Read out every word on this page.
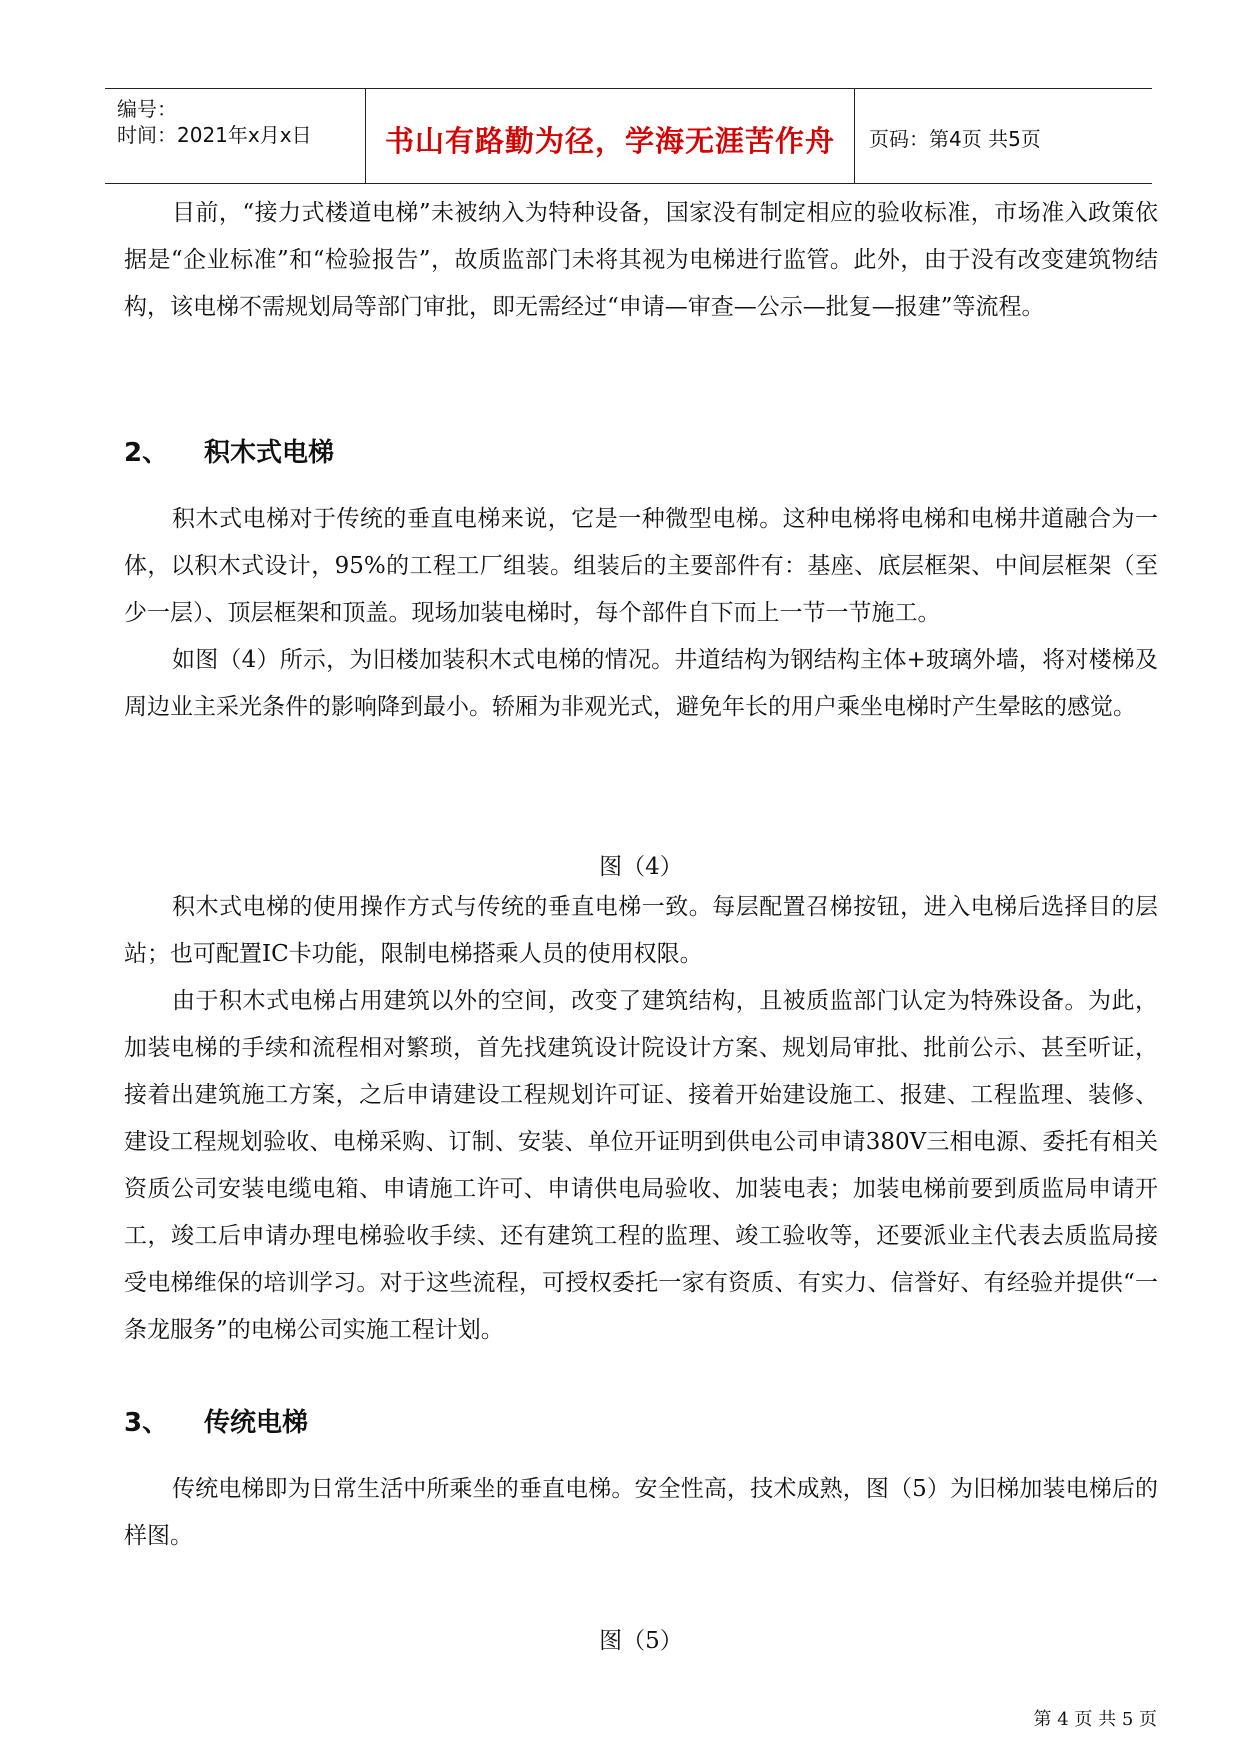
编号：
时间：2021年x月x日	书山有路勤为径，学海无涯苦作舟	页码：第4页 共5页

目前，“接力式楼道电梯”未被纳入为特种设备，国家没有制定相应的验收标准，市场准入政策依据是“企业标准”和“检验报告”，故质监部门未将其视为电梯进行监管。此外，由于没有改变建筑物结构，该电梯不需规划局等部门审批，即无需经过“申请—审查—公示—批复—报建”等流程。

2、 积木式电梯

积木式电梯对于传统的垂直电梯来说，它是一种微型电梯。这种电梯将电梯和电梯井道融合为一体，以积木式设计，95%的工程工厂组装。组装后的主要部件有：基座、底层框架、中间层框架（至少一层）、顶层框架和顶盖。现场加装电梯时，每个部件自下而上一节一节施工。

如图（4）所示，为旧楼加装积木式电梯的情况。井道结构为钢结构主体+玻璃外墙，将对楼梯及周边业主采光条件的影响降到最小。轿厢为非观光式，避免年长的用户乘坐电梯时产生晕眩的感觉。

图（4）

积木式电梯的使用操作方式与传统的垂直电梯一致。每层配置召梯按钮，进入电梯后选择目的层站；也可配置IC卡功能，限制电梯搭乘人员的使用权限。

由于积木式电梯占用建筑以外的空间，改变了建筑结构，且被质监部门认定为特殊设备。为此，加装电梯的手续和流程相对繁琐，首先找建筑设计院设计方案、规划局审批、批前公示、甚至听证，接着出建筑施工方案，之后申请建设工程规划许可证、接着开始建设施工、报建、工程监理、装修、建设工程规划验收、电梯采购、订制、安装、单位开证明到供电公司申请380V三相电源、委托有相关资质公司安装电缆电箱、申请施工许可、申请供电局验收、加装电表；加装电梯前要到质监局申请开工，竣工后申请办理电梯验收手续、还有建筑工程的监理、竣工验收等，还要派业主代表去质监局接受电梯维保的培训学习。对于这些流程，可授权委托一家有资质、有实力、信誉好、有经验并提供“一条龙服务”的电梯公司实施工程计划。

3、 传统电梯

传统电梯即为日常生活中所乘坐的垂直电梯。安全性高，技术成熟，图（5）为旧梯加装电梯后的样图。

图（5）

第 4 页 共 5 页
